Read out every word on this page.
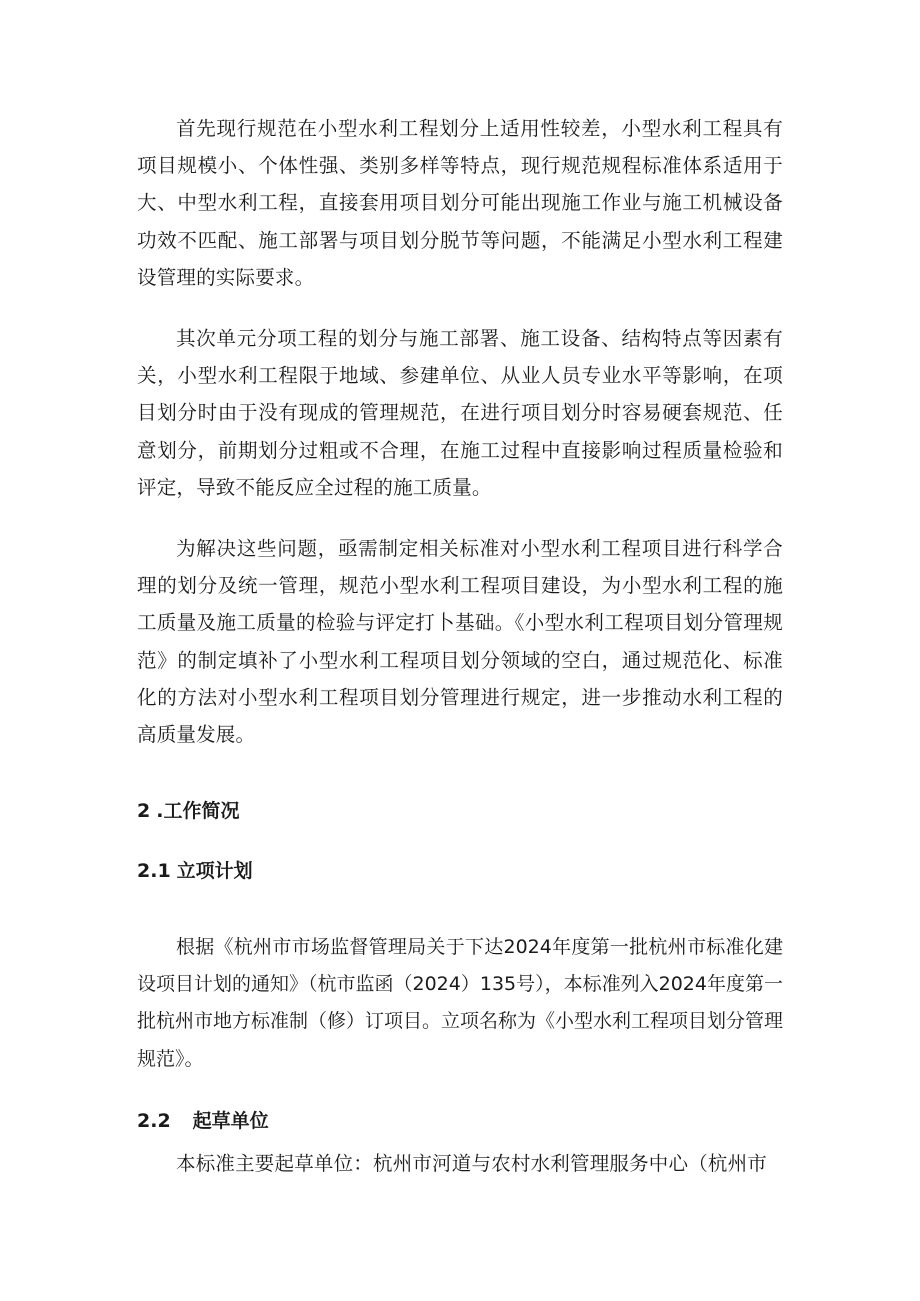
首先现行规范在小型水利工程划分上适用性较差，小型水利工程具有项目规模小、个体性强、类别多样等特点，现行规范规程标准体系适用于大、中型水利工程，直接套用项目划分可能出现施工作业与施工机械设备功效不匹配、施工部署与项目划分脱节等问题，不能满足小型水利工程建设管理的实际要求。

其次单元分项工程的划分与施工部署、施工设备、结构特点等因素有关，小型水利工程限于地域、参建单位、从业人员专业水平等影响，在项目划分时由于没有现成的管理规范，在进行项目划分时容易硬套规范、任意划分，前期划分过粗或不合理，在施工过程中直接影响过程质量检验和评定，导致不能反应全过程的施工质量。

为解决这些问题，亟需制定相关标准对小型水利工程项目进行科学合理的划分及统一管理，规范小型水利工程项目建设，为小型水利工程的施工质量及施工质量的检验与评定打卜基础。《小型水利工程项目划分管理规范》的制定填补了小型水利工程项目划分领域的空白，通过规范化、标准化的方法对小型水利工程项目划分管理进行规定，进一步推动水利工程的高质量发展。

2 .工作简况
2.1 立项计划

根据《杭州市市场监督管理局关于下达2024年度第一批杭州市标准化建设项目计划的通知》（杭市监函（2024）135号），本标准列入2024年度第一批杭州市地方标准制（修）订项目。立项名称为《小型水利工程项目划分管理规范》。

2.2 起草单位

本标准主要起草单位：杭州市河道与农村水利管理服务中心（杭州市
